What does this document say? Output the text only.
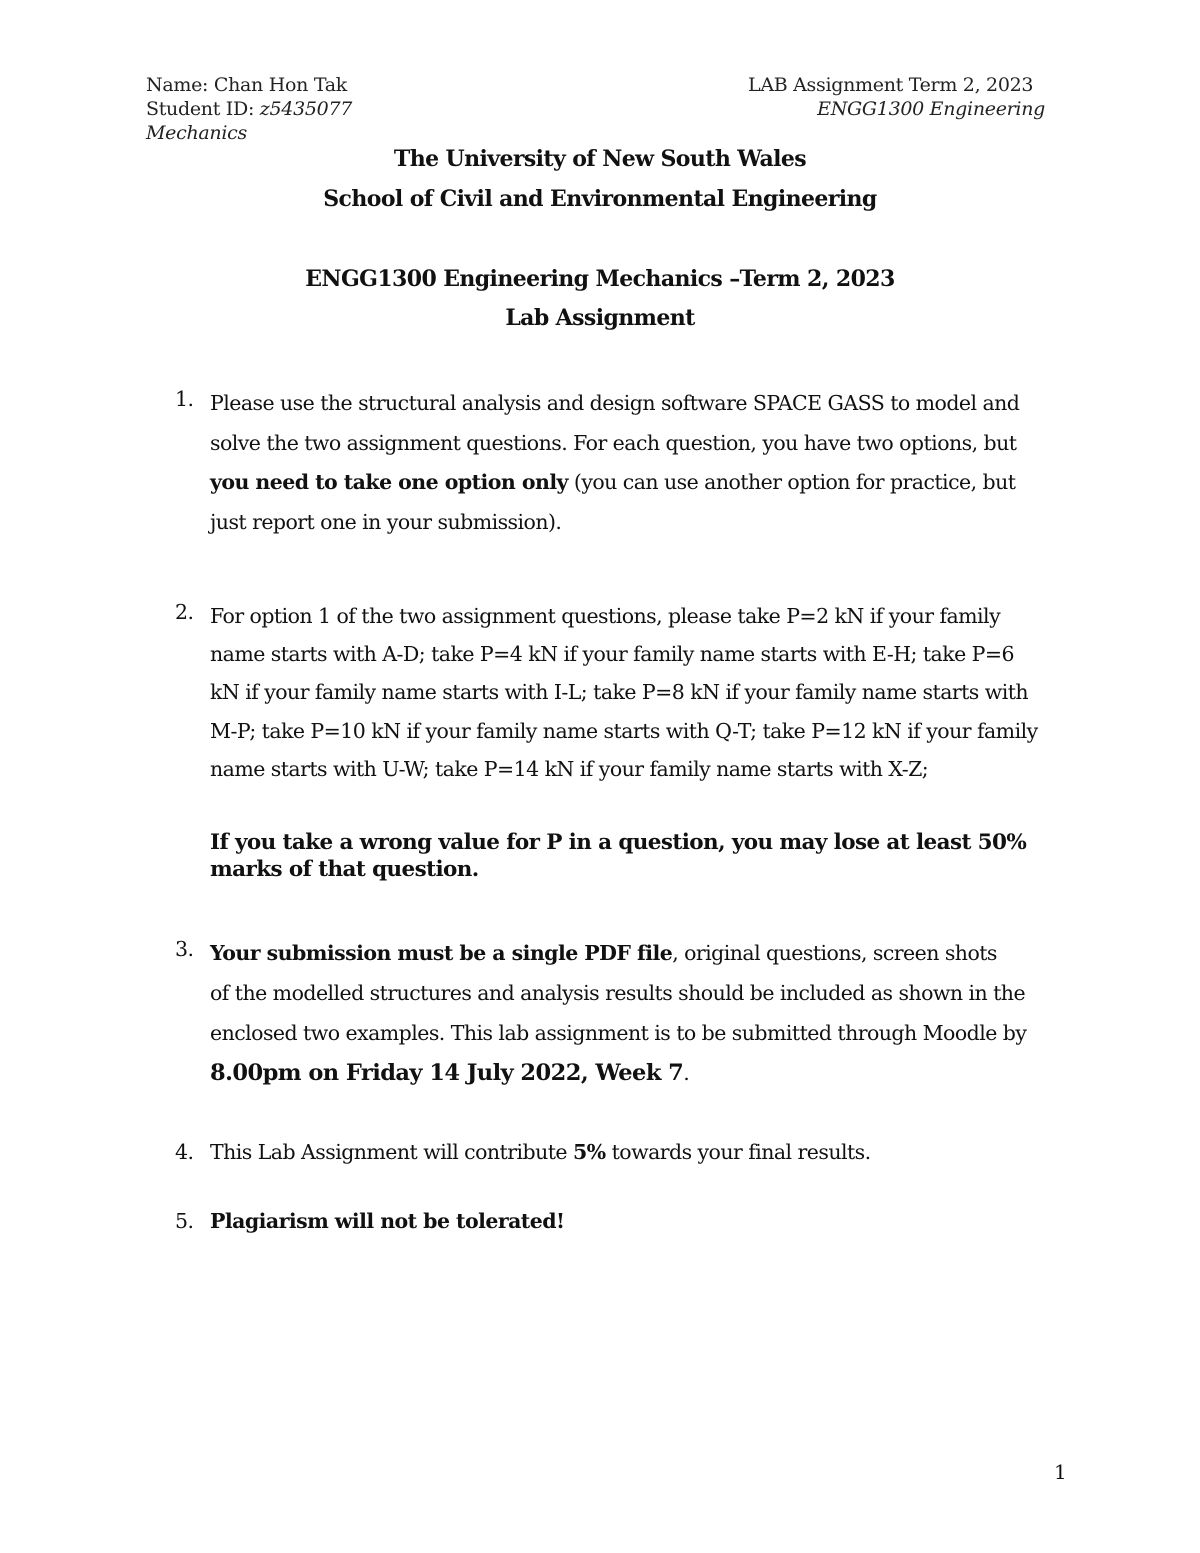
Name: Chan Hon Tak
Student ID: z5435077
Mechanics
LAB Assignment Term 2, 2023
ENGG1300 Engineering
The University of New South Wales
School of Civil and Environmental Engineering
ENGG1300 Engineering Mechanics –Term 2, 2023
Lab Assignment
1. Please use the structural analysis and design software SPACE GASS to model and
solve the two assignment questions. For each question, you have two options, but
you need to take one option only (you can use another option for practice, but
just report one in your submission).
2. For option 1 of the two assignment questions, please take P=2 kN if your family
name starts with A-D; take P=4 kN if your family name starts with E-H; take P=6
kN if your family name starts with I-L; take P=8 kN if your family name starts with
M-P; take P=10 kN if your family name starts with Q-T; take P=12 kN if your family
name starts with U-W; take P=14 kN if your family name starts with X-Z;
If you take a wrong value for P in a question, you may lose at least 50%
marks of that question.
3. Your submission must be a single PDF file, original questions, screen shots
of the modelled structures and analysis results should be included as shown in the
enclosed two examples. This lab assignment is to be submitted through Moodle by
8.00pm on Friday 14 July 2022, Week 7.
4. This Lab Assignment will contribute 5% towards your final results.
5. Plagiarism will not be tolerated!
1
